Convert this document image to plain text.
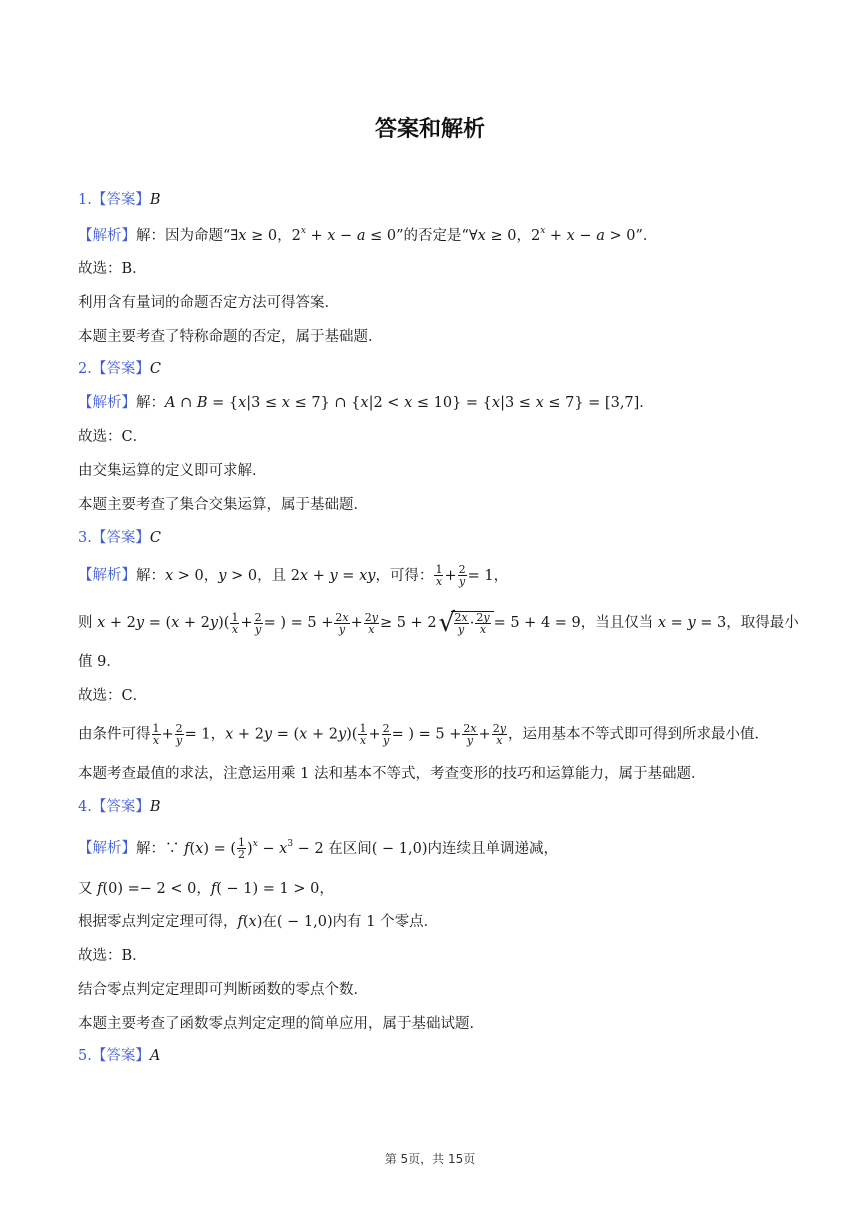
答案和解析
1.【答案】B
【解析】解：因为命题“∃x ≥ 0，$2^x + x - a \le 0$”的否定是“∀x ≥ 0，$2^x + x - a > 0$”．
故选：B．
利用含有量词的命题否定方法可得答案．
本题主要考查了特称命题的否定，属于基础题．
2.【答案】C
【解析】解：A ∩ B = {x|3 ≤ x ≤ 7} ∩ {x|2 < x ≤ 10} = {x|3 ≤ x ≤ 7} = [3,7]．
故选：C．
由交集运算的定义即可求解．
本题主要考查了集合交集运算，属于基础题．
3.【答案】C
【解析】解：x > 0，y > 0，且 2x + y = xy，可得： $\frac{1}{x} + \frac{2}{y} = 1$，
则 $x + 2y = (x + 2y)( \frac{1}{x} + \frac{2}{y}$ = ) = $5 + \frac{2x}{y} + \frac{2y}{x} \ge 5 + 2$ √
$\frac{2x}{y} \cdot \frac{2y}{x} = 5 + 4 = 9$，当且仅当 x = y = 3，取得最小
值 9．
故选：C．
由条件可得 $\frac{1}{x} + \frac{2}{y} = 1$，$x + 2y = (x + 2y)( \frac{1}{x} + \frac{2}{y}$ = ) = $5 + \frac{2x}{y} + \frac{2y}{x}$ ，运用基本不等式即可得到所求最小值．
本题考查最值的求法，注意运用乘 1 法和基本不等式，考查变形的技巧和运算能力，属于基础题．
4.【答案】B
【解析】解：∵ f(x) = ( 1
2 )$^x - x^3 - 2$ 在区间( − 1,0)内连续且单调递减，
又 f(0) =− 2 < 0，f( − 1) = 1 > 0，
根据零点判定定理可得，f(x)在( − 1,0)内有 1 个零点．
故选：B．
结合零点判定定理即可判断函数的零点个数．
本题主要考查了函数零点判定定理的简单应用，属于基础试题．
5.【答案】A
第 5页，共 15页
